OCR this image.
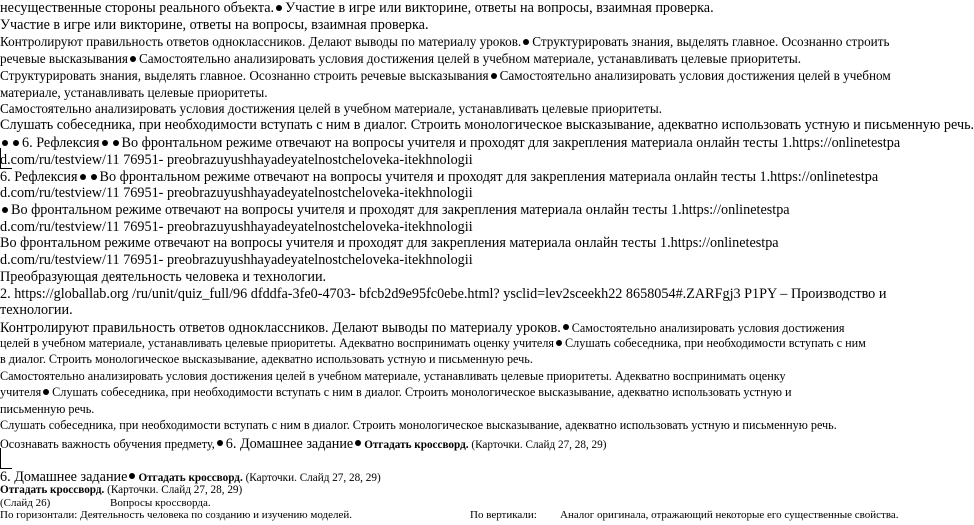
несущественные стороны реального объекта. Участие в игре или викторине, ответы на вопросы, взаимная проверка.
Участие в игре или викторине, ответы на вопросы, взаимная проверка.
Контролируют правильность ответов одноклассников. Делают выводы по материалу уроков. Структурировать знания, выделять главное. Осознанно строить
речевые высказывания Самостоятельно анализировать условия достижения целей в учебном материале, устанавливать целевые приоритеты.
Структурировать знания, выделять главное. Осознанно строить речевые высказывания Самостоятельно анализировать условия достижения целей в учебном
материале, устанавливать целевые приоритеты.
Самостоятельно анализировать условия достижения целей в учебном материале, устанавливать целевые приоритеты.
Слушать собеседника, при необходимости вступать с ним в диалог. Строить монологическое высказывание, адекватно использовать устную и письменную речь.
6. Рефлексия Во фронтальном режиме отвечают на вопросы учителя и проходят для закрепления материала онлайн тесты 1.https://onlinetestpa
d.com/ru/testview/11 76951- preobrazuyushhayadeyatelnostcheloveka-itekhnologii
6. Рефлексия Во фронтальном режиме отвечают на вопросы учителя и проходят для закрепления материала онлайн тесты 1.https://onlinetestpa
d.com/ru/testview/11 76951- preobrazuyushhayadeyatelnostcheloveka-itekhnologii
Во фронтальном режиме отвечают на вопросы учителя и проходят для закрепления материала онлайн тесты 1.https://onlinetestpa
d.com/ru/testview/11 76951- preobrazuyushhayadeyatelnostcheloveka-itekhnologii
Во фронтальном режиме отвечают на вопросы учителя и проходят для закрепления материала онлайн тесты 1.https://onlinetestpa
d.com/ru/testview/11 76951- preobrazuyushhayadeyatelnostcheloveka-itekhnologii
Преобразующая деятельность человека и технологии.
2. https://globallab.org /ru/unit/quiz_full/96 dfddfa-3fe0-4703- bfcb2d9e95fc0ebe.html? ysclid=lev2sceekh22 8658054#.ZARFgj3 P1PY – Производство и
технологии.
Контролируют правильность ответов одноклассников. Делают выводы по материалу уроков. Самостоятельно анализировать условия достижения
целей в учебном материале, устанавливать целевые приоритеты. Адекватно воспринимать оценку учителя Слушать собеседника, при необходимости вступать с ним
в диалог. Строить монологическое высказывание, адекватно использовать устную и письменную речь.
Самостоятельно анализировать условия достижения целей в учебном материале, устанавливать целевые приоритеты. Адекватно воспринимать оценку
учителя Слушать собеседника, при необходимости вступать с ним в диалог. Строить монологическое высказывание, адекватно использовать устную и
письменную речь.
Слушать собеседника, при необходимости вступать с ним в диалог. Строить монологическое высказывание, адекватно использовать устную и письменную речь.
Осознавать важность обучения предмету, 6. Домашнее задание Отгадать кроссворд. (Карточки. Слайд 27, 28, 29)
6. Домашнее задание Отгадать кроссворд. (Карточки. Слайд 27, 28, 29)
Отгадать кроссворд. (Карточки. Слайд 27, 28, 29)
(Слайд 26)	Вопросы кроссворда.
По горизонтали: Деятельность человека по созданию и изучению моделей.	По вертикали: Аналог оригинала, отражающий некоторые его существенные свойства.
